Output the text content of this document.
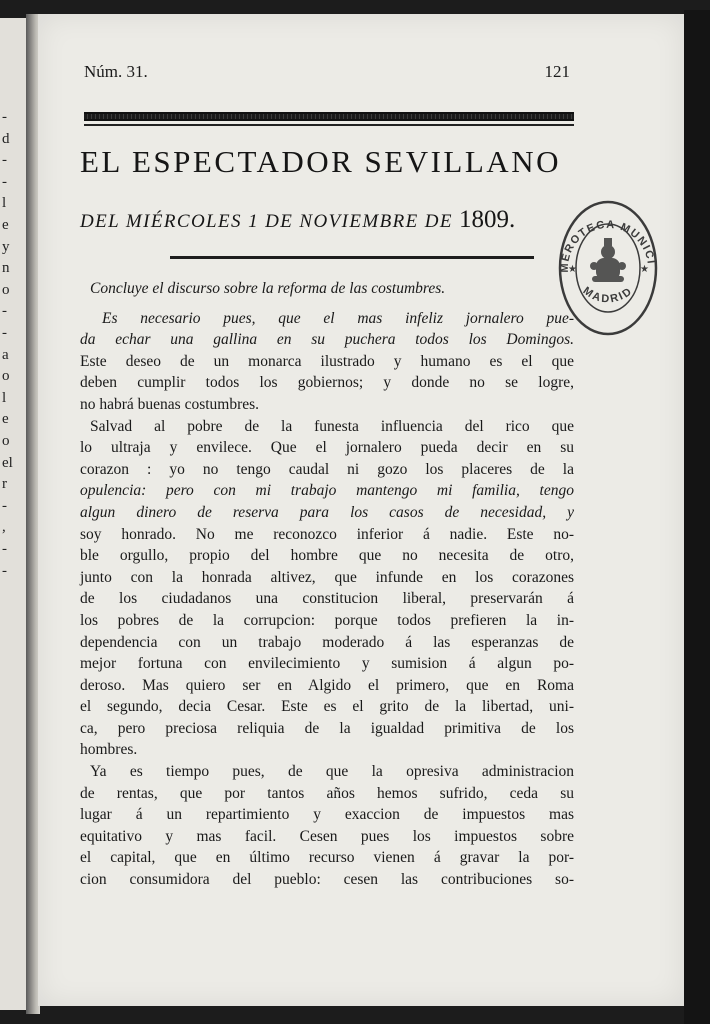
-
d
-
-
l
e
y
n
o
-
-
a
o
l
e
o
el
r
-
,
-
-
Núm. 31.	121
EL ESPECTADOR SEVILLANO
DEL MIÉRCOLES 1 DE NOVIEMBRE DE 1809.
MEROTECA MUNICI
MADRID
★	★
Concluye el discurso sobre la reforma de las costumbres.
Es necesario pues, que el mas infeliz jornalero pue-
da echar una gallina en su puchera todos los Domingos.
Este deseo de un monarca ilustrado y humano es el que
deben cumplir todos los gobiernos; y donde no se logre,
no habrá buenas costumbres.
Salvad al pobre de la funesta influencia del rico que
lo ultraja y envilece. Que el jornalero pueda decir en su
corazon : yo no tengo caudal ni gozo los placeres de la
opulencia: pero con mi trabajo mantengo mi familia, tengo
algun dinero de reserva para los casos de necesidad, y
soy honrado. No me reconozco inferior á nadie. Este no-
ble orgullo, propio del hombre que no necesita de otro,
junto con la honrada altivez, que infunde en los corazones
de los ciudadanos una constitucion liberal, preservarán á
los pobres de la corrupcion: porque todos prefieren la in-
dependencia con un trabajo moderado á las esperanzas de
mejor fortuna con envilecimiento y sumision á algun po-
deroso. Mas quiero ser en Algido el primero, que en Roma
el segundo, decia Cesar. Este es el grito de la libertad, uni-
ca, pero preciosa reliquia de la igualdad primitiva de los
hombres.
Ya es tiempo pues, de que la opresiva administracion
de rentas, que por tantos años hemos sufrido, ceda su
lugar á un repartimiento y exaccion de impuestos mas
equitativo y mas facil. Cesen pues los impuestos sobre
el capital, que en último recurso vienen á gravar la por-
cion consumidora del pueblo: cesen las contribuciones so-
